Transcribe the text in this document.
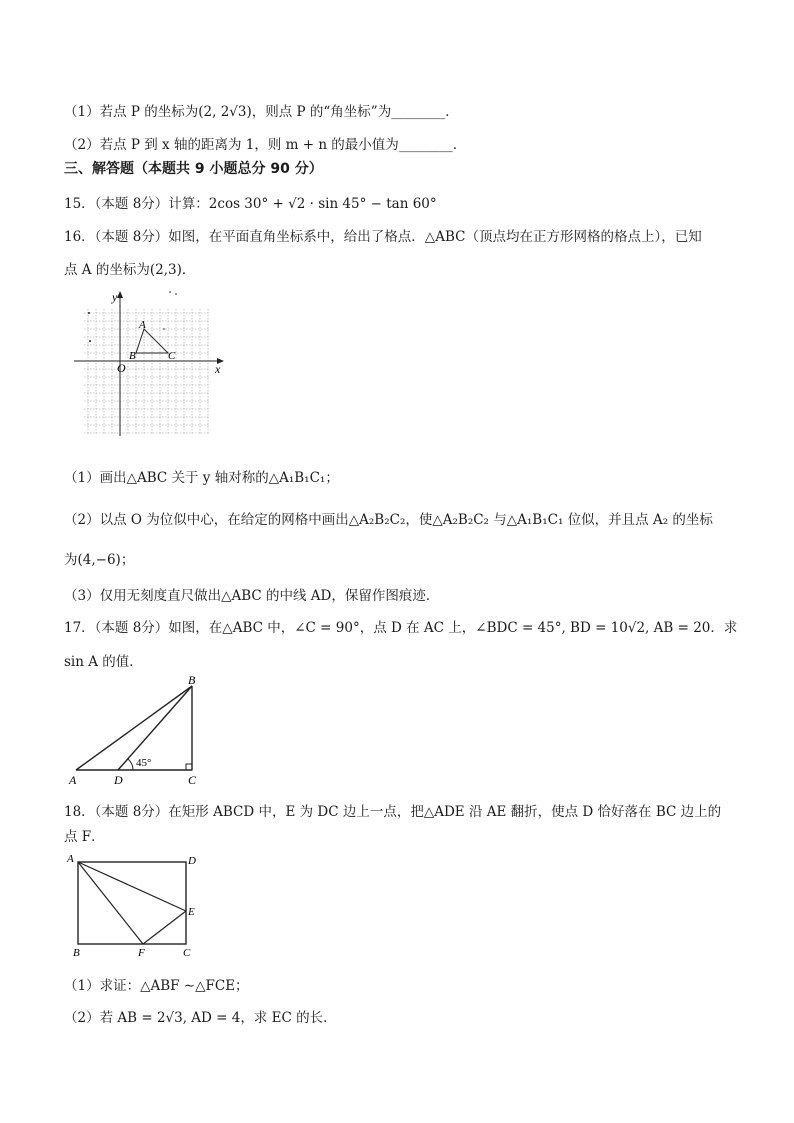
（1）若点 P 的坐标为(2, 2√3)，则点 P 的“角坐标”为________．
（2）若点 P 到 x 轴的距离为 1，则 m + n 的最小值为________．
三、解答题（本题共 9 小题总分 90 分）
15．（本题 8分）计算：2cos 30° + √2 · sin 45° − tan 60°
16．（本题 8分）如图，在平面直角坐标系中，给出了格点．△ABC（顶点均在正方形网格的格点上），已知
点 A 的坐标为(2,3)．
y
x
O
A
B	C
（1）画出△ABC 关于 y 轴对称的△A₁B₁C₁；
（2）以点 O 为位似中心，在给定的网格中画出△A₂B₂C₂，使△A₂B₂C₂ 与△A₁B₁C₁ 位似，并且点 A₂ 的坐标
为(4,−6)；
（3）仅用无刻度直尺做出△ABC 的中线 AD，保留作图痕迹．
17．（本题 8分）如图，在△ABC 中，∠C = 90°，点 D 在 AC 上，∠BDC = 45°, BD = 10√2, AB = 20．求
sin A 的值．
45°
A	D	C
B
18．（本题 8分）在矩形 ABCD 中，E 为 DC 边上一点，把△ADE 沿 AE 翻折，使点 D 恰好落在 BC 边上的
点 F．
A	D
E
B	F	C
（1）求证：△ABF ∼△FCE；
（2）若 AB = 2√3, AD = 4，求 EC 的长．
